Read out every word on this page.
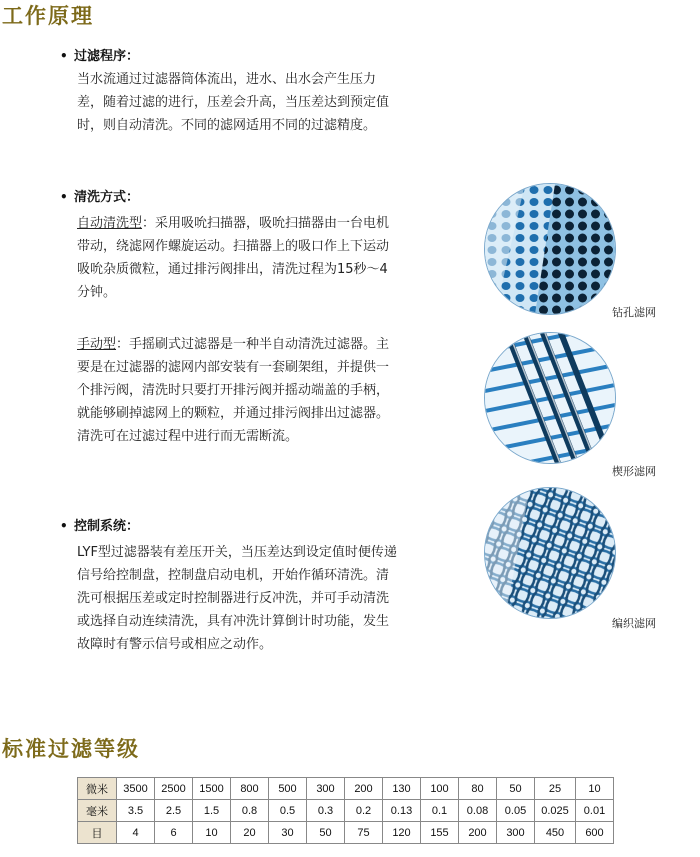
工作原理
• 过滤程序：
当水流通过过滤器筒体流出，进水、出水会产生压力差，随着过滤的进行，压差会升高，当压差达到预定值时，则自动清洗。不同的滤网适用不同的过滤精度。
• 清洗方式：
自动清洗型：采用吸吮扫描器，吸吮扫描器由一台电机带动，绕滤网作螺旋运动。扫描器上的吸口作上下运动吸吮杂质微粒，通过排污阀排出，清洗过程为15秒～4分钟。
手动型：手摇刷式过滤器是一种半自动清洗过滤器。主要是在过滤器的滤网内部安装有一套刷架组，并提供一个排污阀，清洗时只要打开排污阀并摇动端盖的手柄，就能够刷掉滤网上的颗粒，并通过排污阀排出过滤器。清洗可在过滤过程中进行而无需断流。
• 控制系统：
LYF型过滤器装有差压开关，当压差达到设定值时便传递信号给控制盘，控制盘启动电机，开始作循环清洗。清洗可根据压差或定时控制器进行反冲洗，并可手动清洗或选择自动连续清洗，具有冲洗计算倒计时功能，发生故障时有警示信号或相应之动作。
钻孔滤网
楔形滤网
编织滤网
标准过滤等级
微米	3500	2500	1500	800	500	300	200	130	100	80	50	25	10
毫米	3.5	2.5	1.5	0.8	0.5	0.3	0.2	0.13	0.1	0.08	0.05	0.025	0.01
目	4	6	10	20	30	50	75	120	155	200	300	450	600
